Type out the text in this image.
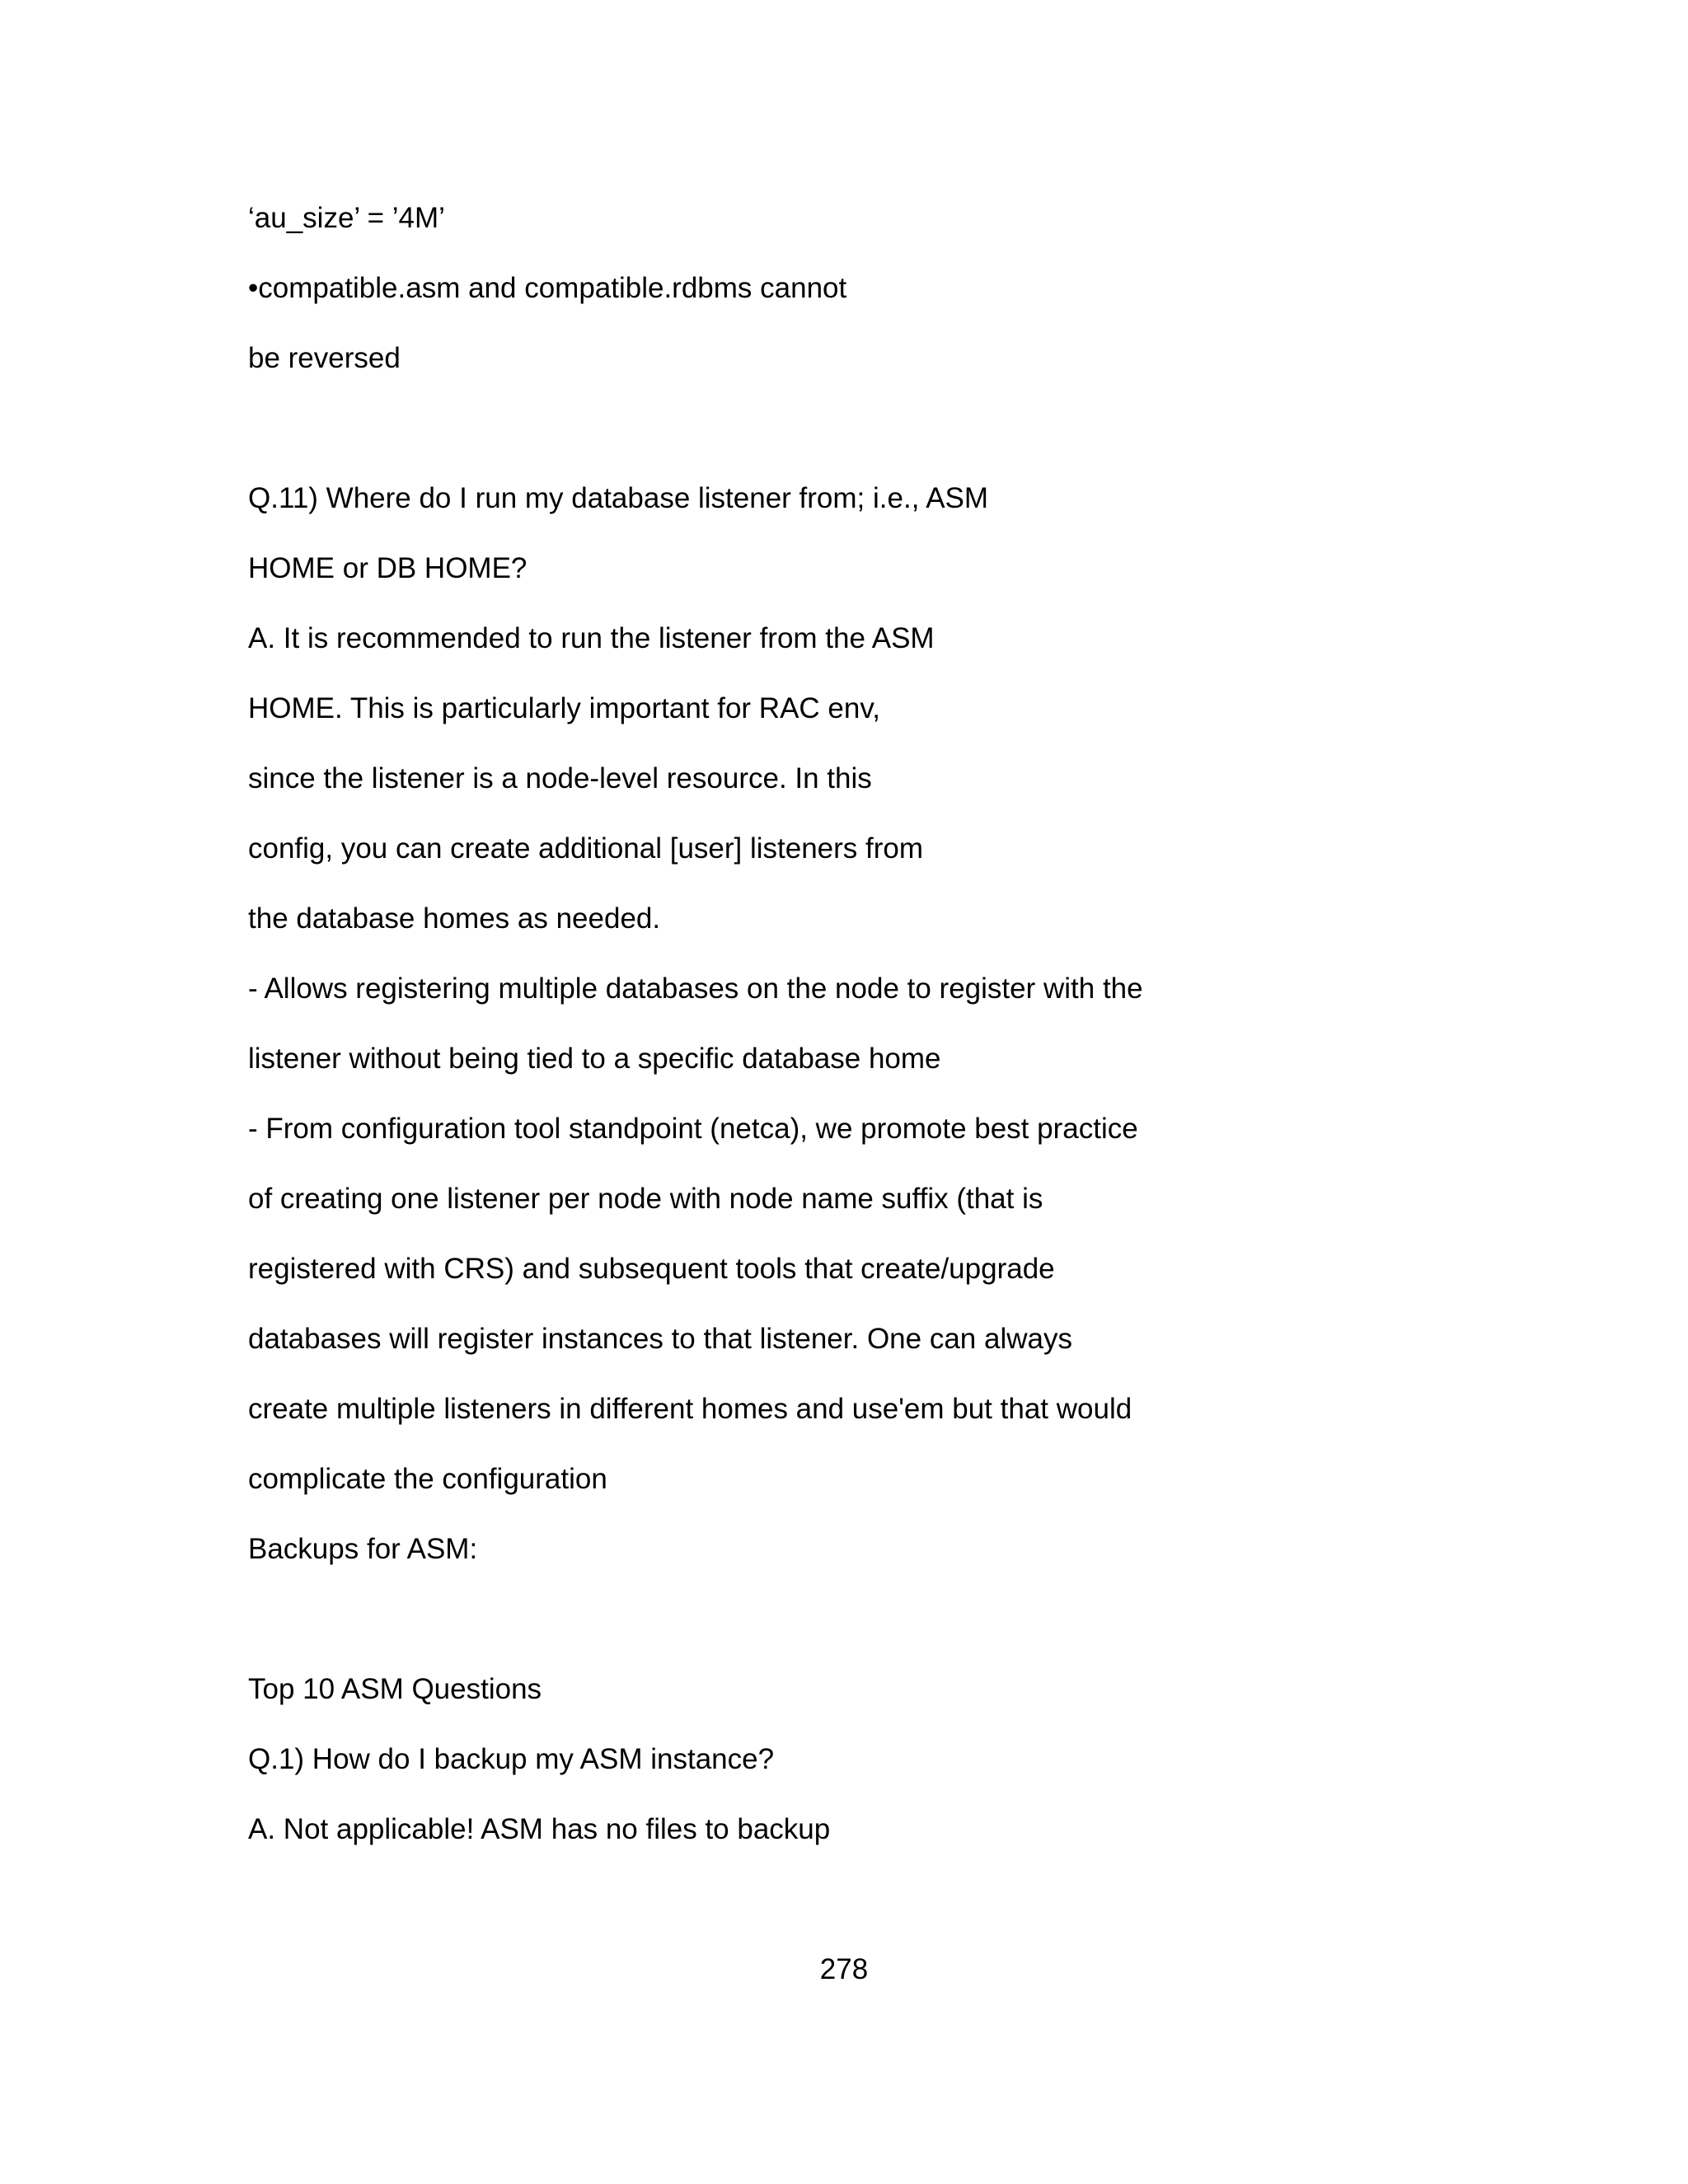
‘au_size’ = ’4M’
•compatible.asm and compatible.rdbms cannot
be reversed
Q.11) Where do I run my database listener from; i.e., ASM
HOME or DB HOME?
A. It is recommended to run the listener from the ASM
HOME. This is particularly important for RAC env,
since the listener is a node-level resource. In this
config, you can create additional [user] listeners from
the database homes as needed.
- Allows registering multiple databases on the node to register with the
listener without being tied to a specific database home
- From configuration tool standpoint (netca), we promote best practice
of creating one listener per node with node name suffix (that is
registered with CRS) and subsequent tools that create/upgrade
databases will register instances to that listener. One can always
create multiple listeners in different homes and use'em but that would
complicate the configuration
Backups for ASM:
Top 10 ASM Questions
Q.1) How do I backup my ASM instance?
A. Not applicable! ASM has no files to backup
278
